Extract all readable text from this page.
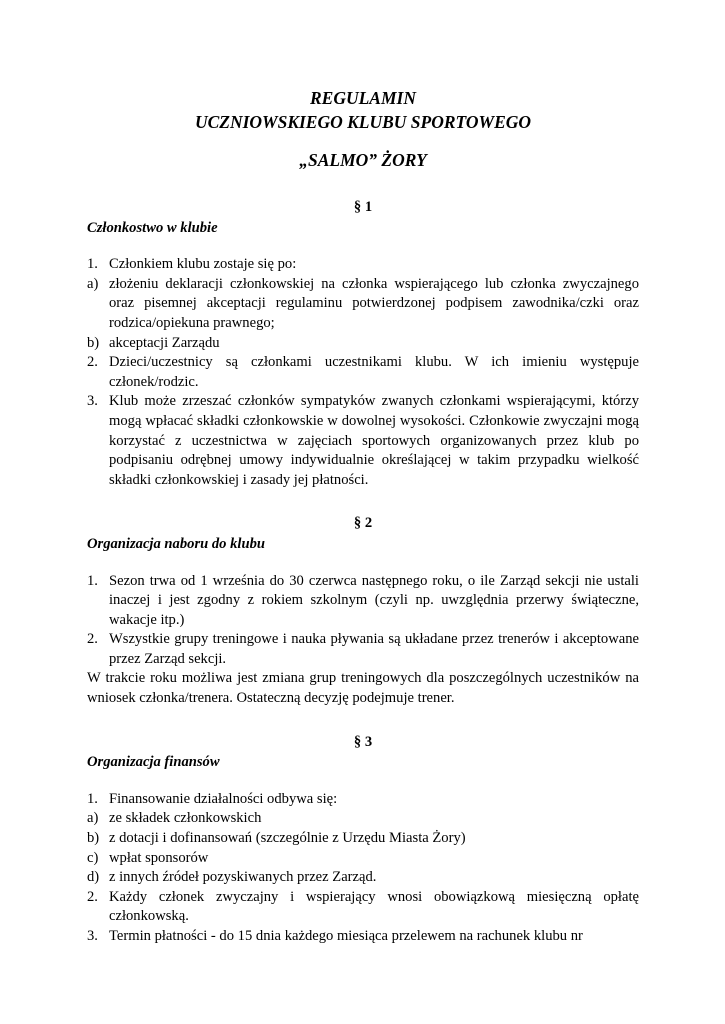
REGULAMIN
UCZNIOWSKIEGO KLUBU SPORTOWEGO
„SALMO” ŻORY
§ 1
Członkostwo w klubie
1. Członkiem klubu zostaje się po:
a) złożeniu deklaracji członkowskiej na członka wspierającego lub członka zwyczajnego oraz pisemnej akceptacji regulaminu potwierdzonej podpisem zawodnika/czki oraz rodzica/opiekuna prawnego;
b) akceptacji Zarządu
2. Dzieci/uczestnicy są członkami uczestnikami klubu. W ich imieniu występuje członek/rodzic.
3. Klub może zrzeszać członków sympatyków zwanych członkami wspierającymi, którzy mogą wpłacać składki członkowskie w dowolnej wysokości. Członkowie zwyczajni mogą korzystać z uczestnictwa w zajęciach sportowych organizowanych przez klub po podpisaniu odrębnej umowy indywidualnie określającej w takim przypadku wielkość składki członkowskiej i zasady jej płatności.
§ 2
Organizacja naboru do klubu
1. Sezon trwa od 1 września do 30 czerwca następnego roku, o ile Zarząd sekcji nie ustali inaczej i jest zgodny z rokiem szkolnym (czyli np. uwzględnia przerwy świąteczne, wakacje itp.)
2. Wszystkie grupy treningowe i nauka pływania są układane przez trenerów i akceptowane przez Zarząd sekcji.
W trakcie roku możliwa jest zmiana grup treningowych dla poszczególnych uczestników na wniosek członka/trenera. Ostateczną decyzję podejmuje trener.
§ 3
Organizacja finansów
1. Finansowanie działalności odbywa się:
a) ze składek członkowskich
b) z dotacji i dofinansowań (szczególnie z Urzędu Miasta Żory)
c) wpłat sponsorów
d) z innych źródeł pozyskiwanych przez Zarząd.
2. Każdy członek zwyczajny i wspierający wnosi obowiązkową miesięczną opłatę członkowską.
3. Termin płatności - do 15 dnia każdego miesiąca przelewem na rachunek klubu nr
